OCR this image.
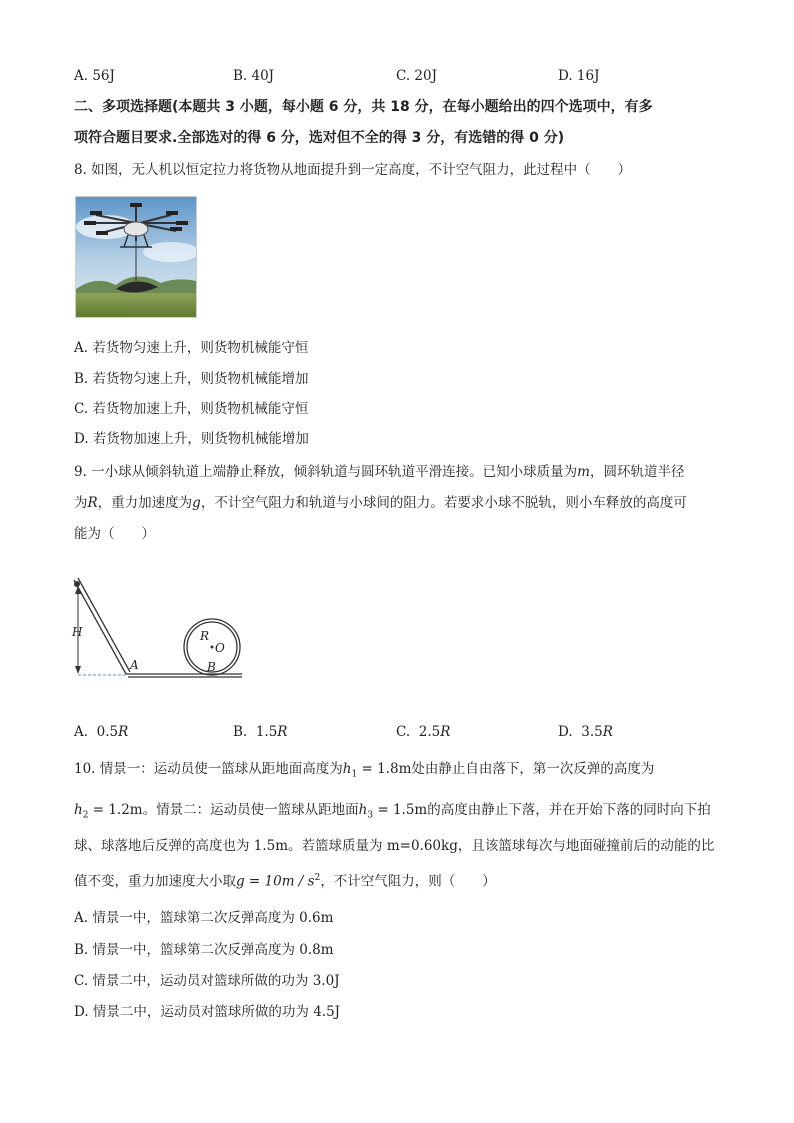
A. 56J	B. 40J	C. 20J	D. 16J
二、多项选择题(本题共 3 小题，每小题 6 分，共 18 分，在每小题给出的四个选项中，有多
项符合题目要求.全部选对的得 6 分，选对但不全的得 3 分，有选错的得 0 分)
8. 如图，无人机以恒定拉力将货物从地面提升到一定高度，不计空气阻力，此过程中（　　）
A. 若货物匀速上升，则货物机械能守恒
B. 若货物匀速上升，则货物机械能增加
C. 若货物加速上升，则货物机械能守恒
D. 若货物加速上升，则货物机械能增加
9. 一小球从倾斜轨道上端静止释放，倾斜轨道与圆环轨道平滑连接。已知小球质量为m，圆环轨道半径
为R，重力加速度为g，不计空气阻力和轨道与小球间的阻力。若要求小球不脱轨，则小车释放的高度可
能为（　　）
H
A
R
O
B
A. 0.5R	B. 1.5R	C. 2.5R	D. 3.5R
10. 情景一：运动员使一篮球从距地面高度为$h_1 = 1.8m$处由静止自由落下，第一次反弹的高度为
$h_2 = 1.2m$。情景二：运动员使一篮球从距地面$h_3 = 1.5m$的高度由静止下落，并在开始下落的同时向下拍
球、球落地后反弹的高度也为 1.5m。若篮球质量为 m=0.60kg，且该篮球每次与地面碰撞前后的动能的比
值不变，重力加速度大小取$g = 10m / s^2$，不计空气阻力，则（　　）
A. 情景一中，篮球第二次反弹高度为 0.6m
B. 情景一中，篮球第二次反弹高度为 0.8m
C. 情景二中，运动员对篮球所做的功为 3.0J
D. 情景二中，运动员对篮球所做的功为 4.5J
